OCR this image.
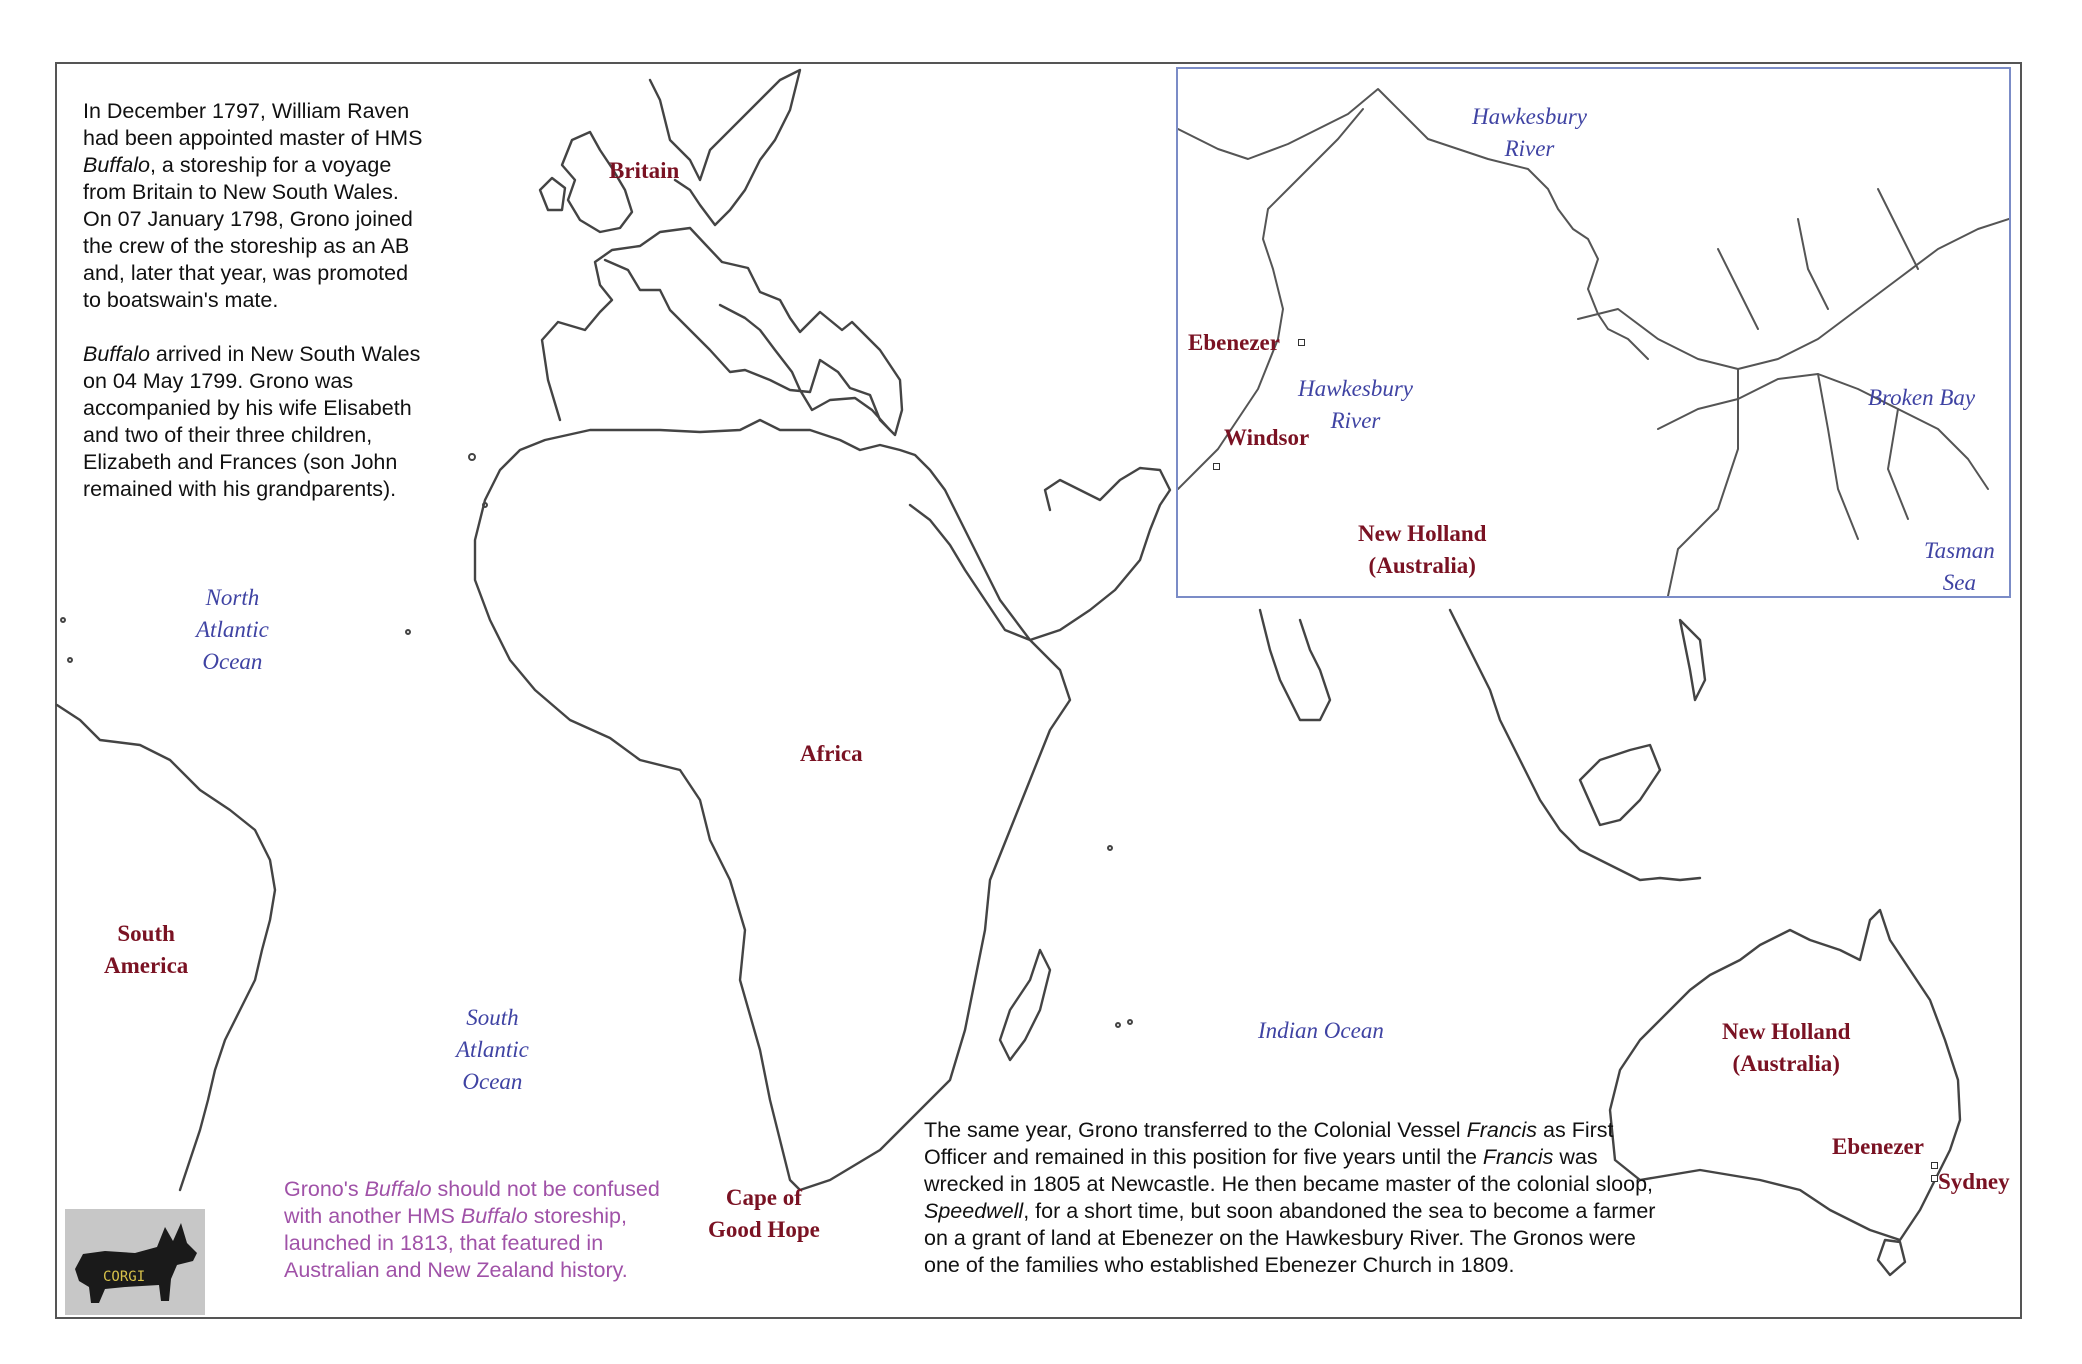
Hawkesbury
River
Hawkesbury
River
Ebenezer
Windsor
Broken Bay
Tasman
Sea
New Holland
(Australia)
Britain
North
Atlantic
Ocean
Africa
South
America
South
Atlantic
Ocean
Indian Ocean
Cape of
Good Hope
New Holland
(Australia)
Ebenezer
Sydney

In December 1797, William Raven had been appointed master of HMS Buffalo, a storeship for a voyage from Britain to New South Wales. On 07 January 1798, Grono joined the crew of the storeship as an AB and, later that year, was promoted to boatswain's mate.

Buffalo arrived in New South Wales on 04 May 1799. Grono was accompanied by his wife Elisabeth and two of their three children, Elizabeth and Frances (son John remained with his grandparents).

The same year, Grono transferred to the Colonial Vessel Francis as First Officer and remained in this position for five years until the Francis was wrecked in 1805 at Newcastle. He then became master of the colonial sloop, Speedwell, for a short time, but soon abandoned the sea to become a farmer on a grant of land at Ebenezer on the Hawkesbury River. The Gronos were one of the families who established Ebenezer Church in 1809.
Grono's Buffalo should not be confused with another HMS Buffalo storeship, launched in 1813, that featured in Australian and New Zealand history.
CORGI
